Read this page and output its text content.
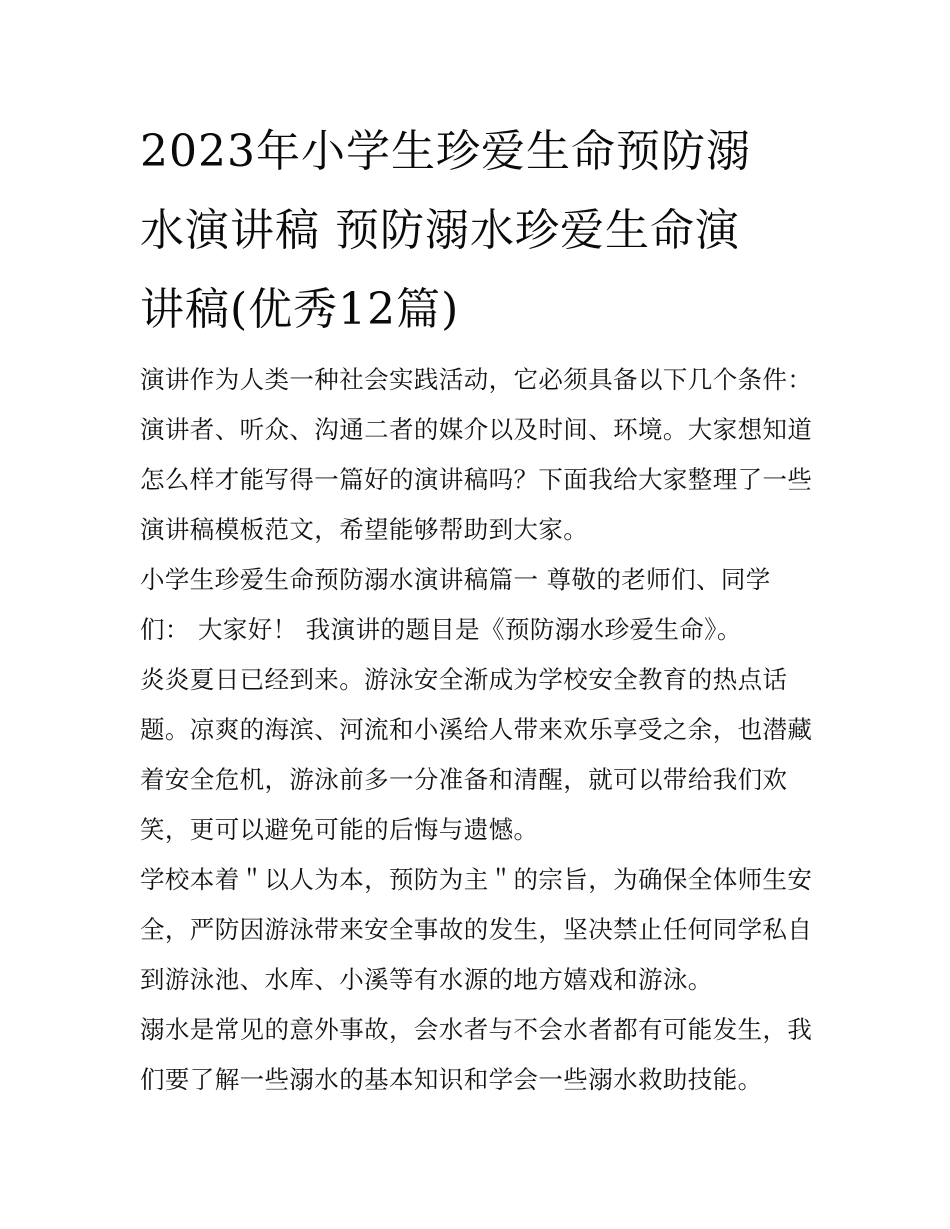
2023年小学生珍爱生命预防溺
水演讲稿 预防溺水珍爱生命演
讲稿(优秀12篇)

演讲作为人类一种社会实践活动，它必须具备以下几个条件：
演讲者、听众、沟通二者的媒介以及时间、环境。大家想知道
怎么样才能写得一篇好的演讲稿吗？下面我给大家整理了一些
演讲稿模板范文，希望能够帮助到大家。

小学生珍爱生命预防溺水演讲稿篇一 尊敬的老师们、同学
们： 大家好！ 我演讲的题目是《预防溺水珍爱生命》。

炎炎夏日已经到来。游泳安全渐成为学校安全教育的热点话
题。凉爽的海滨、河流和小溪给人带来欢乐享受之余，也潜藏
着安全危机，游泳前多一分准备和清醒，就可以带给我们欢
笑，更可以避免可能的后悔与遗憾。

学校本着＂以人为本，预防为主＂的宗旨，为确保全体师生安
全，严防因游泳带来安全事故的发生，坚决禁止任何同学私自
到游泳池、水库、小溪等有水源的地方嬉戏和游泳。

溺水是常见的意外事故，会水者与不会水者都有可能发生，我
们要了解一些溺水的基本知识和学会一些溺水救助技能。
